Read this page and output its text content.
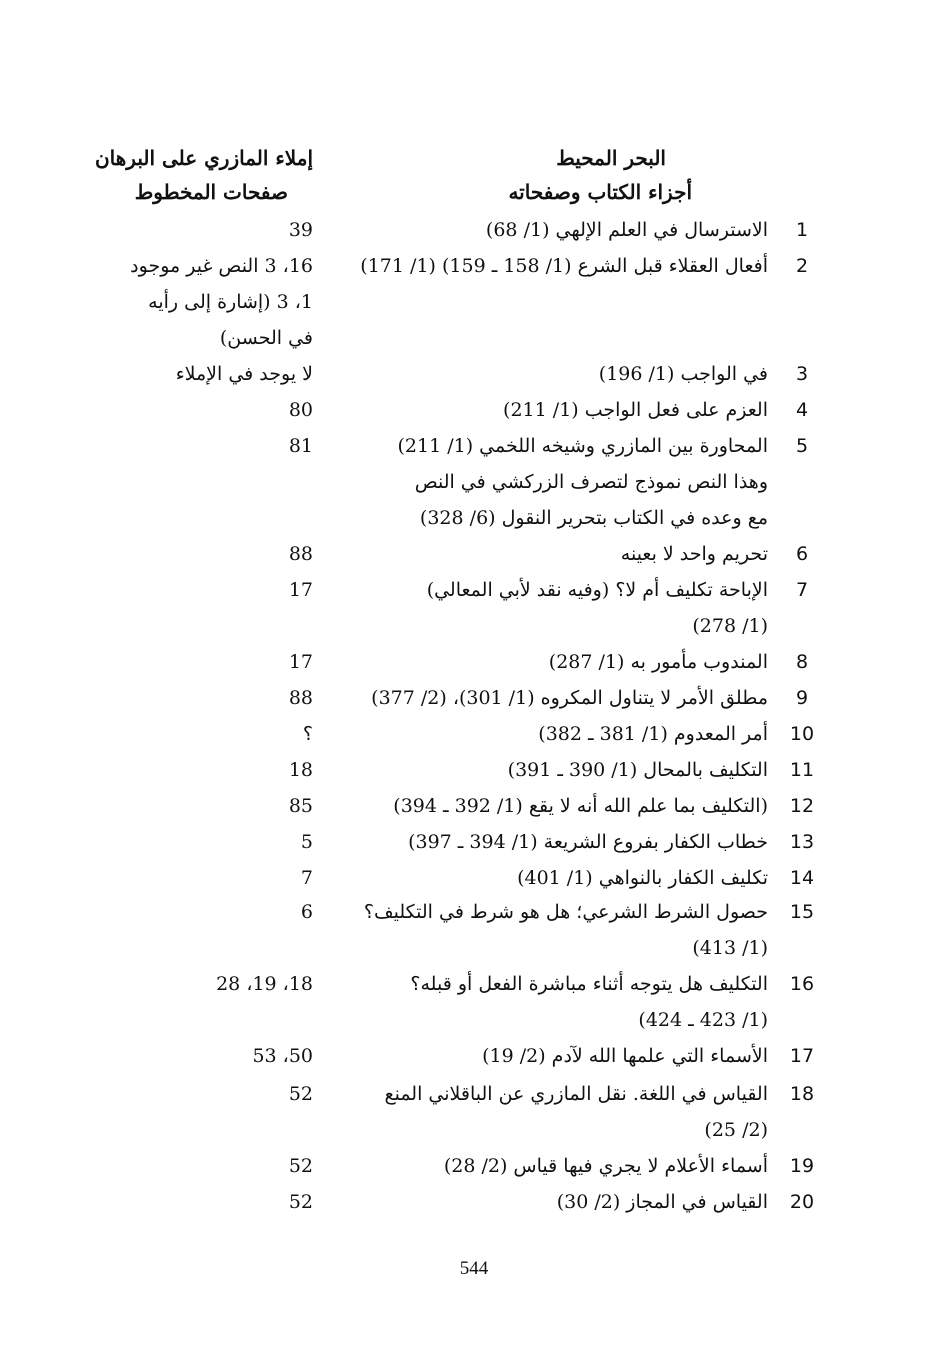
البحر المحيط
أجزاء الكتاب وصفحاته
إملاء المازري على البرهان
صفحات المخطوط
1
الاسترسال في العلم الإلهي (1/ 68)
39
2
أفعال العقلاء قبل الشرع (1/ 158 ـ 159) (1/ 171)
16، 3 النص غير موجود
1، 3 (إشارة إلى رأيه
في الحسن)
3
في الواجب (1/ 196)
لا يوجد في الإملاء
4
العزم على فعل الواجب (1/ 211)
80
5
المحاورة بين المازري وشيخه اللخمي (1/ 211)
وهذا النص نموذج لتصرف الزركشي في النص
مع وعده في الكتاب بتحرير النقول (6/ 328)
81
6
تحريم واحد لا بعينه
88
7
الإباحة تكليف أم لا؟ (وفيه نقد لأبي المعالي)
(1/ 278)
17
8
المندوب مأمور به (1/ 287)
17
9
مطلق الأمر لا يتناول المكروه (1/ 301)، (2/ 377)
88
10
أمر المعدوم (1/ 381 ـ 382)
؟
11
التكليف بالمحال (1/ 390 ـ 391)
18
12
(التكليف بما علم الله أنه لا يقع (1/ 392 ـ 394)
85
13
خطاب الكفار بفروع الشريعة (1/ 394 ـ 397)
5
14
تكليف الكفار بالنواهي (1/ 401)
7
15
حصول الشرط الشرعي؛ هل هو شرط في التكليف؟
(1/ 413)
6
16
التكليف هل يتوجه أثناء مباشرة الفعل أو قبله؟
(1/ 423 ـ 424)
18، 19، 28
17
الأسماء التي علمها الله لآدم (2/ 19)
50، 53
18
القياس في اللغة. نقل المازري عن الباقلاني المنع
(2/ 25)
52
19
أسماء الأعلام لا يجري فيها قياس (2/ 28)
52
20
القياس في المجاز (2/ 30)
52
544
